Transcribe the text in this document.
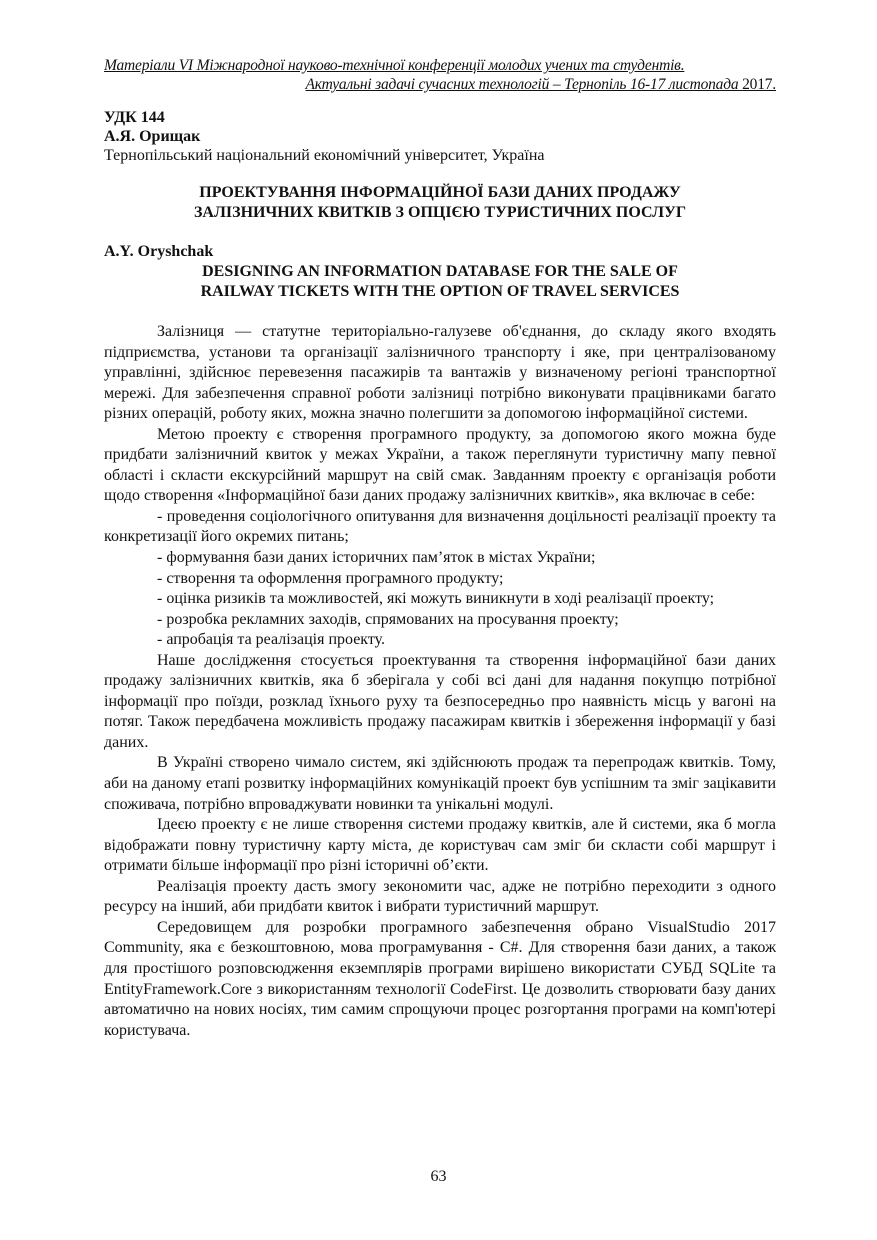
Матеріали VI Міжнародної науково-технічної конференції молодих учених та студентів.
Актуальні задачі сучасних технологій – Тернопіль 16-17 листопада 2017.
УДК 144
А.Я. Орищак
Тернопільський національний економічний університет, Україна
ПРОЕКТУВАННЯ ІНФОРМАЦІЙНОЇ БАЗИ ДАНИХ ПРОДАЖУ
ЗАЛІЗНИЧНИХ КВИТКІВ З ОПЦІЄЮ ТУРИСТИЧНИХ ПОСЛУГ
A.Y. Oryshchak
DESIGNING AN INFORMATION DATABASE FOR THE SALE OF
RAILWAY TICKETS WITH THE OPTION OF TRAVEL SERVICES

Залізниця — статутне територіально-галузеве об'єднання, до складу якого входять підприємства, установи та організації залізничного транспорту і яке, при централізованому управлінні, здійснює перевезення пасажирів та вантажів у визначеному регіоні транспортної мережі. Для забезпечення справної роботи залізниці потрібно виконувати працівниками багато різних операцій, роботу яких, можна значно полегшити за допомогою інформаційної системи.

Метою проекту є створення програмного продукту, за допомогою якого можна буде придбати залізничний квиток у межах України, а також переглянути туристичну мапу певної області і скласти екскурсійний маршрут на свій смак. Завданням проекту є організація роботи щодо створення «Інформаційної бази даних продажу залізничних квитків», яка включає в себе:

- проведення соціологічного опитування для визначення доцільності реалізації проекту та конкретизації його окремих питань;

- формування бази даних історичних пам’яток в містах України;

- створення та оформлення програмного продукту;

- оцінка ризиків та можливостей, які можуть виникнути в ході реалізації проекту;

- розробка рекламних заходів, спрямованих на просування проекту;

- апробація та реалізація проекту.

Наше дослідження стосується проектування та створення інформаційної бази даних продажу залізничних квитків, яка б зберігала у собі всі дані для надання покупцю потрібної інформації про поїзди, розклад їхнього руху та безпосередньо про наявність місць у вагоні на потяг. Також передбачена можливість продажу пасажирам квитків і збереження інформації у базі даних.

В Україні створено чимало систем, які здійснюють продаж та перепродаж квитків. Тому, аби на даному етапі розвитку інформаційних комунікацій проект був успішним та зміг зацікавити споживача, потрібно впроваджувати новинки та унікальні модулі.

Ідеєю проекту є не лише створення системи продажу квитків, але й системи, яка б могла відображати повну туристичну карту міста, де користувач сам зміг би скласти собі маршрут і отримати більше інформації про різні історичні об’єкти.

Реалізація проекту дасть змогу зекономити час, адже не потрібно переходити з одного ресурсу на інший, аби придбати квиток і вибрати туристичний маршрут.

Середовищем для розробки програмного забезпечення обрано VisualStudio 2017 Community, яка є безкоштовною, мова програмування - C#. Для створення бази даних, а також для простішого розповсюдження екземплярів програми вирішено використати СУБД SQLite та EntityFramework.Core з використанням технології CodeFirst. Це дозволить створювати базу даних автоматично на нових носіях, тим самим спрощуючи процес розгортання програми на комп'ютері користувача.

63
